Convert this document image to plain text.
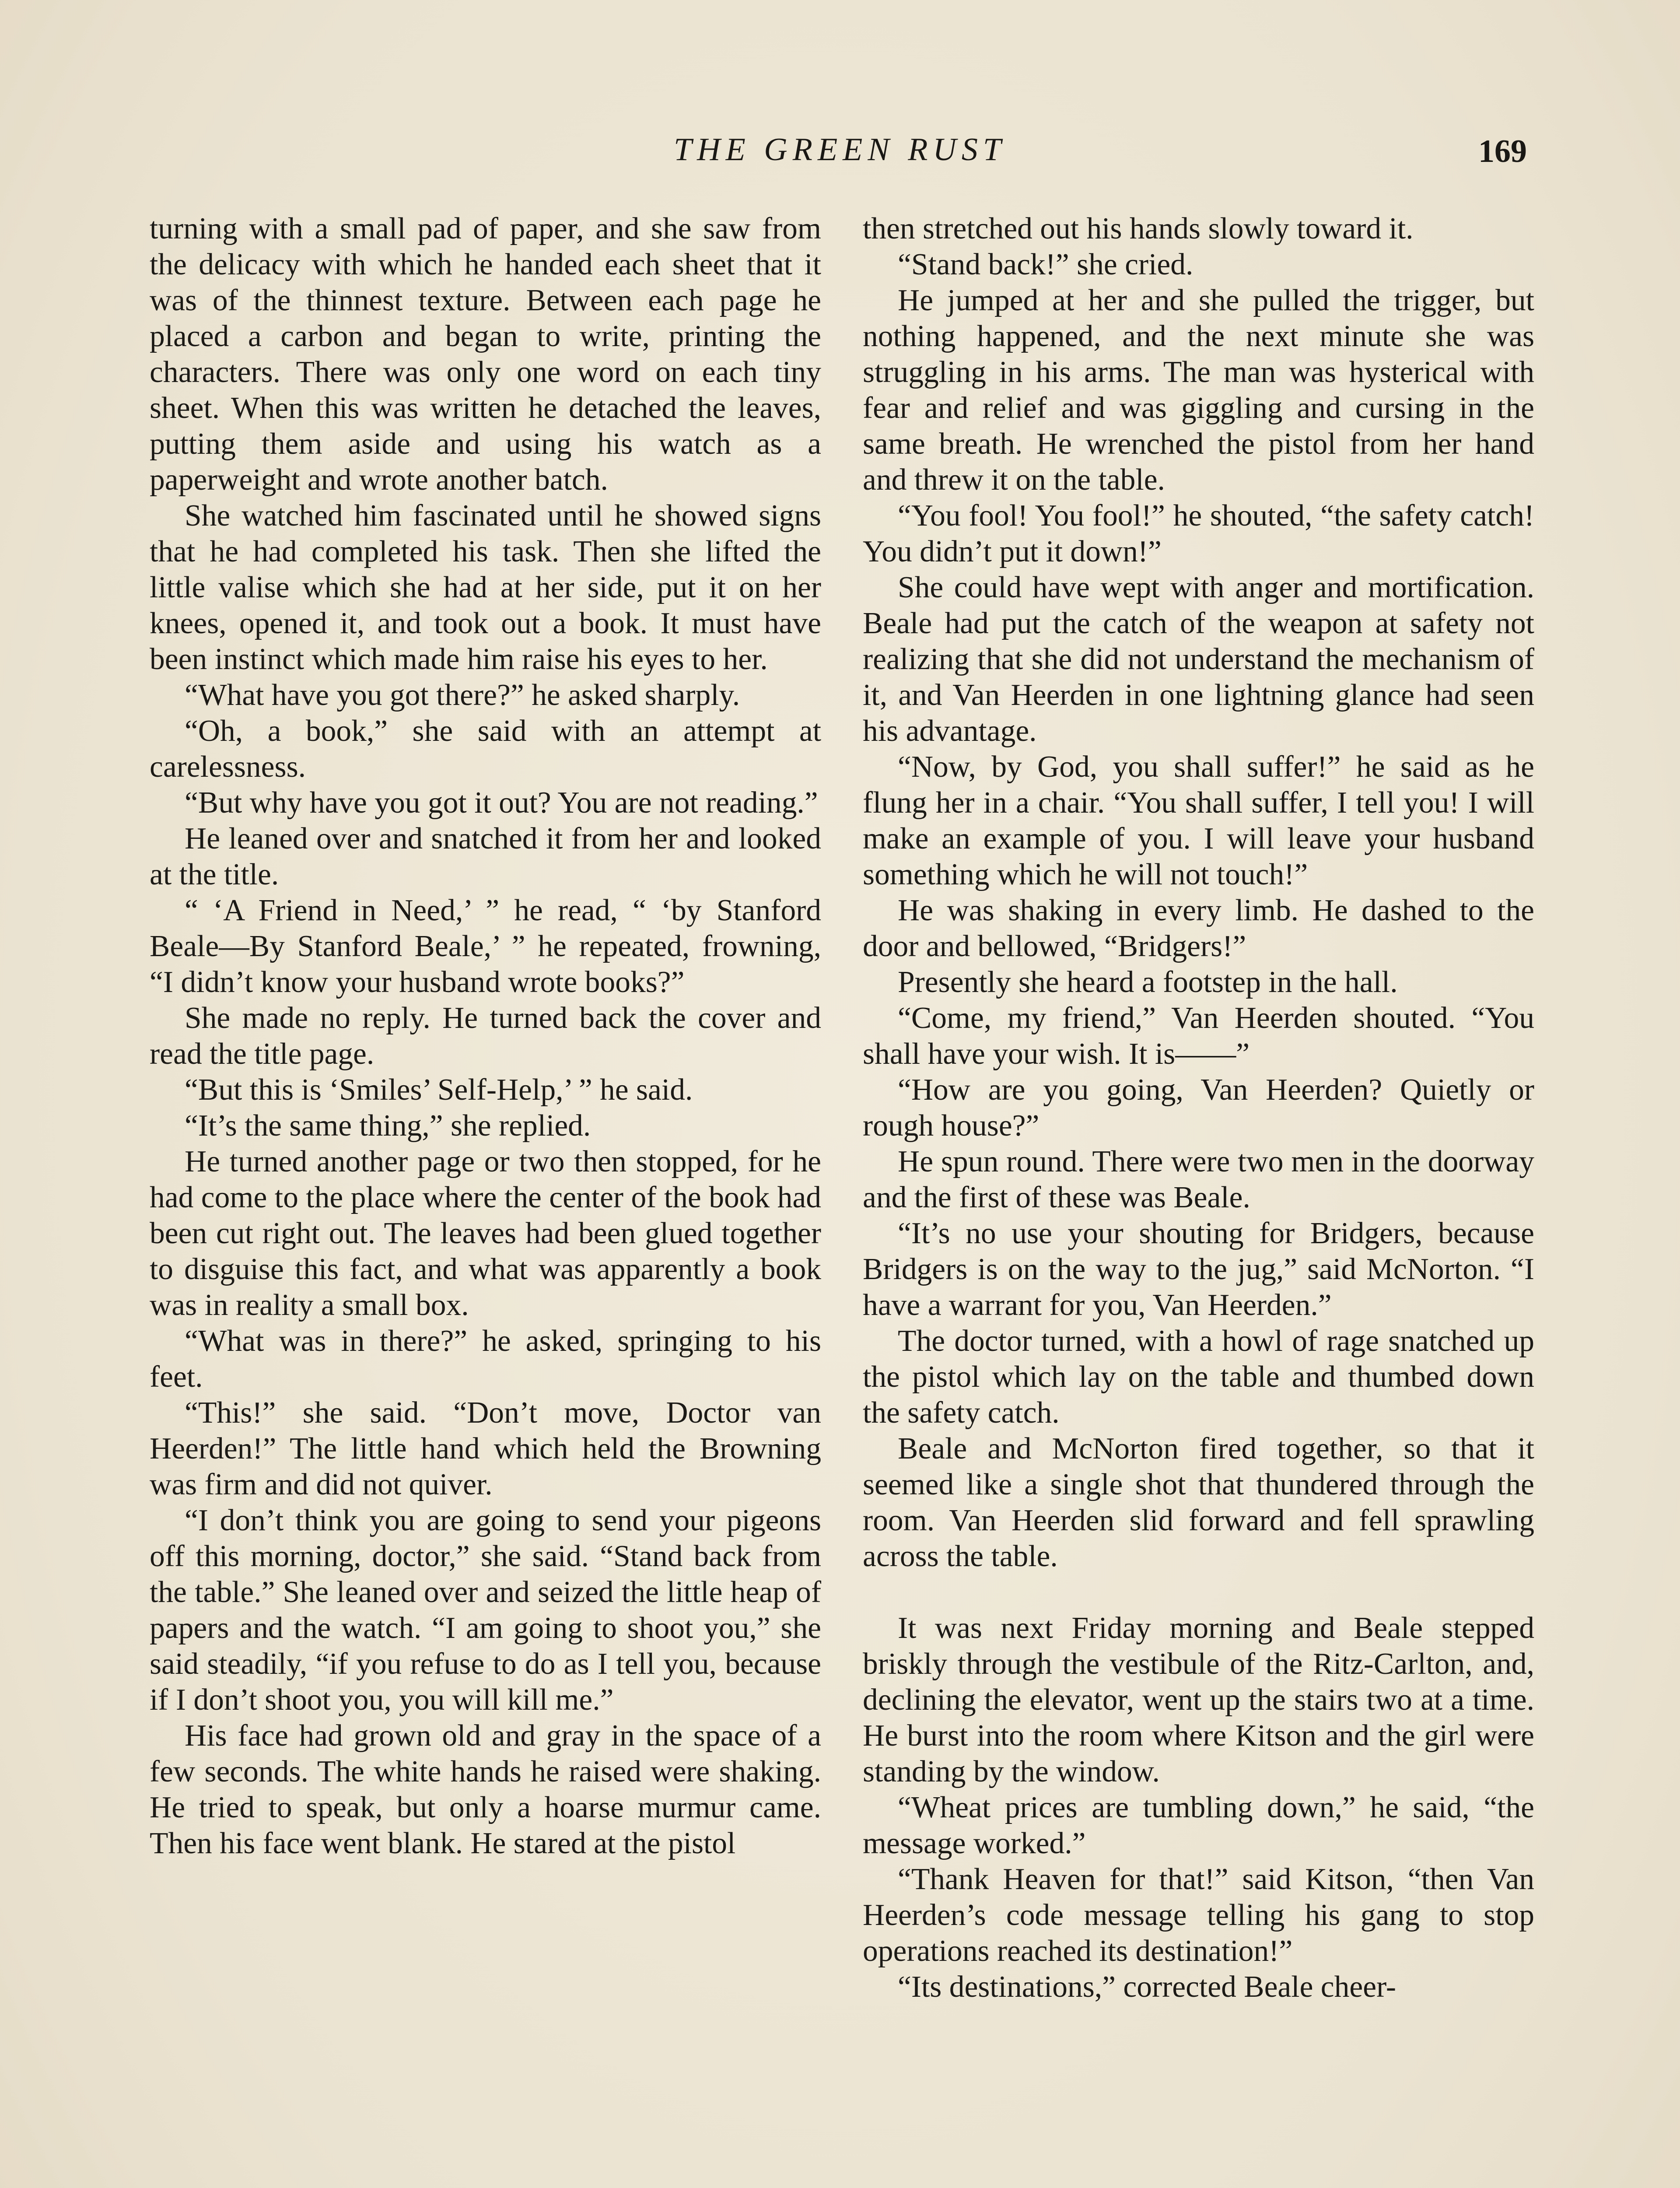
THE GREEN RUST	169

turning with a small pad of paper, and she saw from the delicacy with which he handed each sheet that it was of the thinnest texture. Between each page he placed a carbon and began to write, printing the characters. There was only one word on each tiny sheet. When this was written he detached the leaves, putting them aside and using his watch as a paperweight and wrote another batch.

She watched him fascinated until he showed signs that he had completed his task. Then she lifted the little valise which she had at her side, put it on her knees, opened it, and took out a book. It must have been instinct which made him raise his eyes to her.

“What have you got there?” he asked sharply.

“Oh, a book,” she said with an attempt at carelessness.

“But why have you got it out? You are not reading.”

He leaned over and snatched it from her and looked at the title.

“ ‘A Friend in Need,’ ” he read, “ ‘by Stanford Beale—By Stanford Beale,’ ” he repeated, frowning, “I didn’t know your husband wrote books?”

She made no reply. He turned back the cover and read the title page.

“But this is ‘Smiles’ Self-Help,’ ” he said.

“It’s the same thing,” she replied.

He turned another page or two then stopped, for he had come to the place where the center of the book had been cut right out. The leaves had been glued together to disguise this fact, and what was apparently a book was in reality a small box.

“What was in there?” he asked, springing to his feet.

“This!” she said. “Don’t move, Doctor van Heerden!” The little hand which held the Browning was firm and did not quiver.

“I don’t think you are going to send your pigeons off this morning, doctor,” she said. “Stand back from the table.” She leaned over and seized the little heap of papers and the watch. “I am going to shoot you,” she said steadily, “if you refuse to do as I tell you, because if I don’t shoot you, you will kill me.”

His face had grown old and gray in the space of a few seconds. The white hands he raised were shaking. He tried to speak, but only a hoarse murmur came. Then his face went blank. He stared at the pistol

then stretched out his hands slowly toward it.

“Stand back!” she cried.

He jumped at her and she pulled the trigger, but nothing happened, and the next minute she was struggling in his arms. The man was hysterical with fear and relief and was giggling and cursing in the same breath. He wrenched the pistol from her hand and threw it on the table.

“You fool! You fool!” he shouted, “the safety catch! You didn’t put it down!”

She could have wept with anger and mortification. Beale had put the catch of the weapon at safety not realizing that she did not understand the mechanism of it, and Van Heerden in one lightning glance had seen his advantage.

“Now, by God, you shall suffer!” he said as he flung her in a chair. “You shall suffer, I tell you! I will make an example of you. I will leave your husband something which he will not touch!”

He was shaking in every limb. He dashed to the door and bellowed, “Bridgers!”

Presently she heard a footstep in the hall.

“Come, my friend,” Van Heerden shouted. “You shall have your wish. It is——”

“How are you going, Van Heerden? Quietly or rough house?”

He spun round. There were two men in the doorway and the first of these was Beale.

“It’s no use your shouting for Bridgers, because Bridgers is on the way to the jug,” said McNorton. “I have a warrant for you, Van Heerden.”

The doctor turned, with a howl of rage snatched up the pistol which lay on the table and thumbed down the safety catch.

Beale and McNorton fired together, so that it seemed like a single shot that thundered through the room. Van Heerden slid forward and fell sprawling across the table.

It was next Friday morning and Beale stepped briskly through the vestibule of the Ritz-Carlton, and, declining the elevator, went up the stairs two at a time. He burst into the room where Kitson and the girl were standing by the window.

“Wheat prices are tumbling down,” he said, “the message worked.”

“Thank Heaven for that!” said Kitson, “then Van Heerden’s code message telling his gang to stop operations reached its destination!”

“Its destinations,” corrected Beale cheer-
